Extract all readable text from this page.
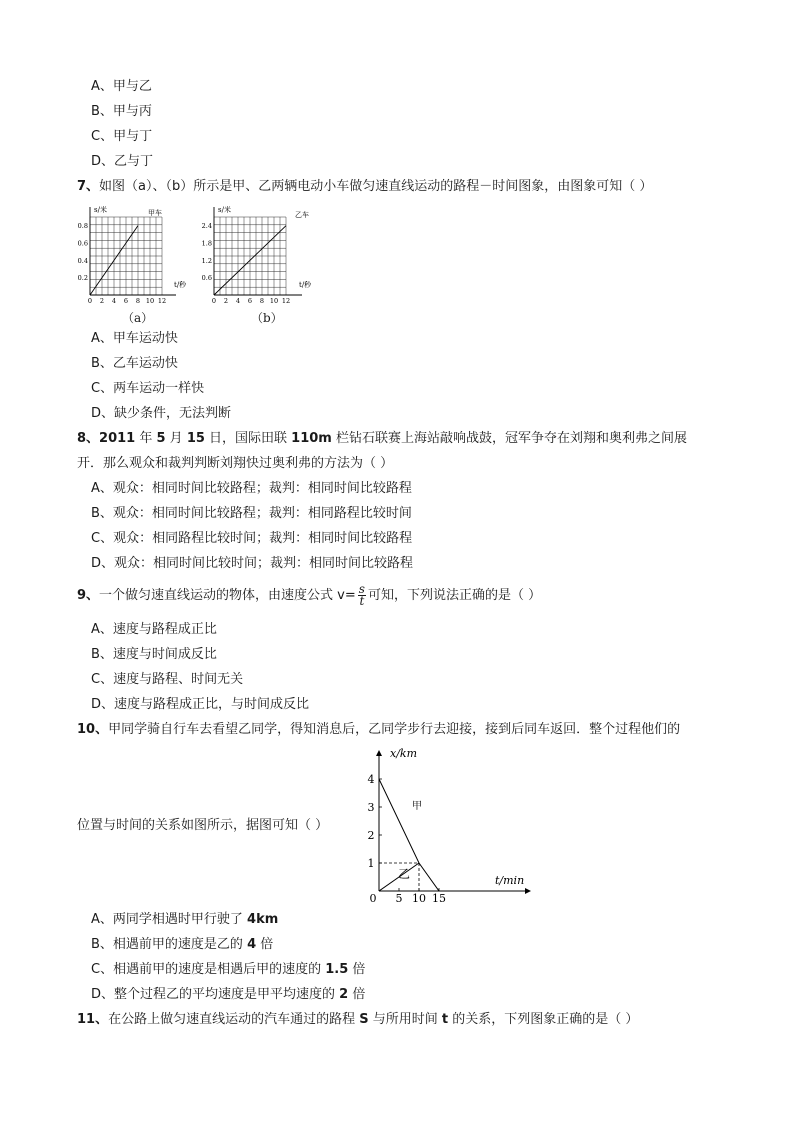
A、甲与乙
B、甲与丙
C、甲与丁
D、乙与丁
7、如图（a）、（b）所示是甲、乙两辆电动小车做匀速直线运动的路程－时间图象，由图象可知（ ）
s/米	甲车
t/秒
0.8
0.6
0.4
0.2
0 2 4 6 8 10 12
（a）
s/米
乙车
t/秒
2.4
1.8
1.2
0.6
0 2 4 6 8 10 12
（b）
A、甲车运动快
B、乙车运动快
C、两车运动一样快
D、缺少条件，无法判断
8、2011 年 5 月 15 日，国际田联 110m 栏钻石联赛上海站敲响战鼓，冠军争夺在刘翔和奥利弗之间展
开．那么观众和裁判判断刘翔快过奥利弗的方法为（ ）
A、观众：相同时间比较路程；裁判：相同时间比较路程
B、观众：相同时间比较路程；裁判：相同路程比较时间
C、观众：相同路程比较时间；裁判：相同时间比较路程
D、观众：相同时间比较时间；裁判：相同时间比较路程
9、一个做匀速直线运动的物体，由速度公式 $v= \frac{s}{t}$ 可知，下列说法正确的是（ ）
A、速度与路程成正比
B、速度与时间成反比
C、速度与路程、时间无关
D、速度与路程成正比，与时间成反比
10、甲同学骑自行车去看望乙同学，得知消息后，乙同学步行去迎接，接到后同车返回．整个过程他们的
位置与时间的关系如图所示，据图可知（ ）
x/km
t/min
甲
乙
4
3
2
1
0 5 10 15
A、两同学相遇时甲行驶了 4km
B、相遇前甲的速度是乙的 4 倍
C、相遇前甲的速度是相遇后甲的速度的 1.5 倍
D、整个过程乙的平均速度是甲平均速度的 2 倍
11、在公路上做匀速直线运动的汽车通过的路程 S 与所用时间 t 的关系，下列图象正确的是（ ）
